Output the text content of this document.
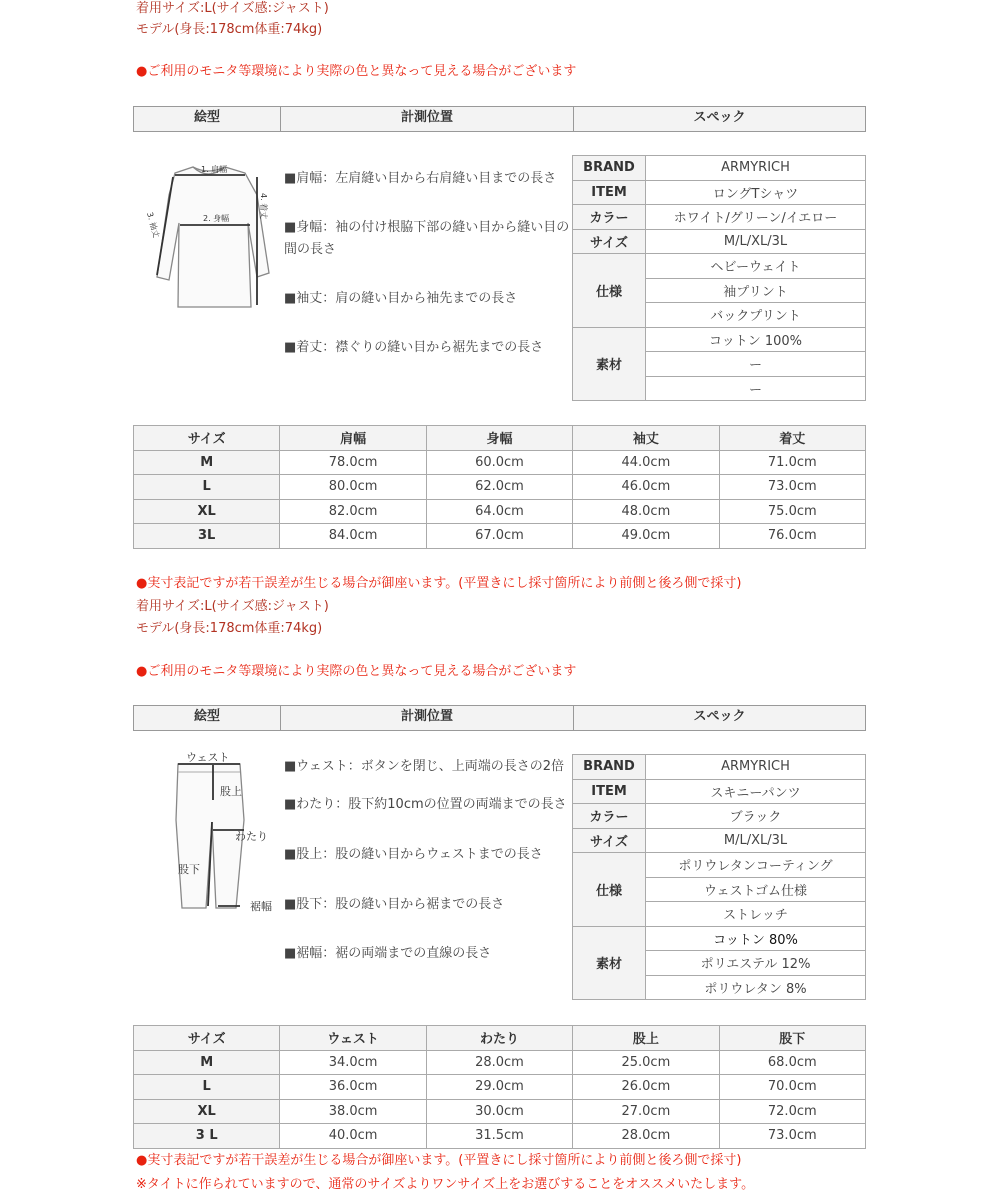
着用サイズ:L(サイズ感:ジャスト)
モデル(身長:178cm体重:74kg)
●ご利用のモニタ等環境により実際の色と異なって見える場合がございます
絵型	計測位置	スペック
1. 肩幅
2. 身幅
3. 袖丈
4. 着丈

■肩幅：左肩縫い目から右肩縫い目までの長さ

■身幅：袖の付け根脇下部の縫い目から縫い目の間の長さ

■袖丈：肩の縫い目から袖先までの長さ

■着丈：襟ぐりの縫い目から裾先までの長さ

BRAND	ARMYRICH
ITEM	ロングTシャツ
カラー	ホワイト/グリーン/イエロー
サイズ	M/L/XL/3L
仕様	ヘビーウェイト
	袖プリント
	バックプリント
素材	コットン 100%
	ー
	ー
サイズ	肩幅	身幅	袖丈	着丈
M	78.0cm	60.0cm	44.0cm	71.0cm
L	80.0cm	62.0cm	46.0cm	73.0cm
XL	82.0cm	64.0cm	48.0cm	75.0cm
3L	84.0cm	67.0cm	49.0cm	76.0cm
●実寸表記ですが若干誤差が生じる場合が御座います。(平置きにし採寸箇所により前側と後ろ側で採寸)
着用サイズ:L(サイズ感:ジャスト)
モデル(身長:178cm体重:74kg)
●ご利用のモニタ等環境により実際の色と異なって見える場合がございます
絵型	計測位置	スペック
ウェスト
股上
わたり
股下
裾幅

■ウェスト：ボタンを閉じ、上両端の長さの2倍

■わたり：股下約10cmの位置の両端までの長さ

■股上：股の縫い目からウェストまでの長さ

■股下：股の縫い目から裾までの長さ

■裾幅：裾の両端までの直線の長さ

BRAND	ARMYRICH
ITEM	スキニーパンツ
カラー	ブラック
サイズ	M/L/XL/3L
仕様	ポリウレタンコーティング
	ウェストゴム仕様
	ストレッチ
素材	コットン 80%
	ポリエステル 12%
	ポリウレタン 8%
サイズ	ウェスト	わたり	股上	股下
M	34.0cm	28.0cm	25.0cm	68.0cm
L	36.0cm	29.0cm	26.0cm	70.0cm
XL	38.0cm	30.0cm	27.0cm	72.0cm
3 L	40.0cm	31.5cm	28.0cm	73.0cm
●実寸表記ですが若干誤差が生じる場合が御座います。(平置きにし採寸箇所により前側と後ろ側で採寸)
※タイトに作られていますので、通常のサイズよりワンサイズ上をお選びすることをオススメいたします。
